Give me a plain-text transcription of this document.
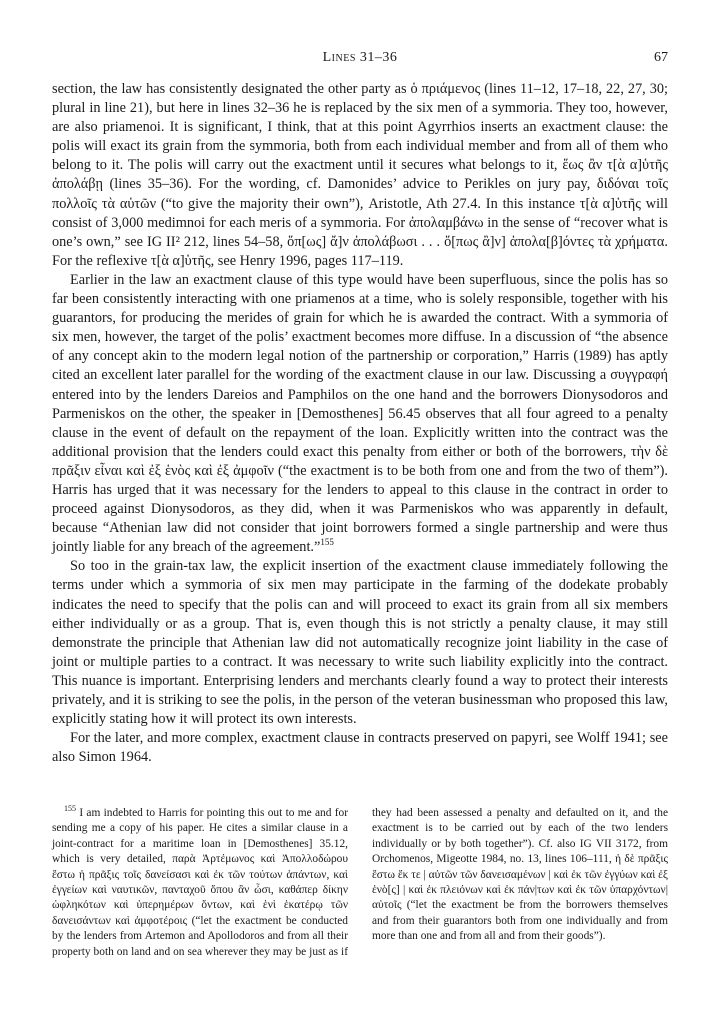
Lines 31–36	67

section, the law has consistently designated the other party as ὁ πριάμενος (lines 11–12, 17–18, 22, 27, 30; plural in line 21), but here in lines 32–36 he is replaced by the six men of a symmoria. They too, however, are also priamenoi. It is significant, I think, that at this point Agyrrhios inserts an exactment clause: the polis will exact its grain from the symmoria, both from each individual member and from all of them who belong to it. The polis will carry out the exactment until it secures what belongs to it, ἕως ἂν τ[ὰ α]ὑτῆς ἀπολάβῃ (lines 35–36). For the wording, cf. Damonides’ advice to Perikles on jury pay, διδόναι τοῖς πολλοῖς τὰ αὑτῶν (“to give the majority their own”), Aristotle, Ath 27.4. In this instance τ[ὰ α]ὑτῆς will consist of 3,000 medimnoi for each meris of a symmoria. For ἀπολαμβάνω in the sense of “recover what is one’s own,” see IG II² 212, lines 54–58, ὅπ[ως] ἄ]ν ἀπολάβωσι . . . ὅ[πως ἂ]ν] ἀπολα[β]όντες τὰ χρήματα. For the reflexive τ[ὰ α]ὑτῆς, see Henry 1996, pages 117–119.

Earlier in the law an exactment clause of this type would have been superfluous, since the polis has so far been consistently interacting with one priamenos at a time, who is solely responsible, together with his guarantors, for producing the merides of grain for which he is awarded the contract. With a symmoria of six men, however, the target of the polis’ exactment becomes more diffuse. In a discussion of “the absence of any concept akin to the modern legal notion of the partnership or corporation,” Harris (1989) has aptly cited an excellent later parallel for the wording of the exactment clause in our law. Discussing a συγγραφή entered into by the lenders Dareios and Pamphilos on the one hand and the borrowers Dionysodoros and Parmeniskos on the other, the speaker in [Demosthenes] 56.45 observes that all four agreed to a penalty clause in the event of default on the repayment of the loan. Explicitly written into the contract was the additional provision that the lenders could exact this penalty from either or both of the borrowers, τὴν δὲ πρᾶξιν εἶναι καὶ ἐξ ἑνὸς καὶ ἐξ ἀμφοῖν (“the exactment is to be both from one and from the two of them”). Harris has urged that it was necessary for the lenders to appeal to this clause in the contract in order to proceed against Dionysodoros, as they did, when it was Parmeniskos who was apparently in default, because “Athenian law did not consider that joint borrowers formed a single partnership and were thus jointly liable for any breach of the agreement.”$^{155}$

So too in the grain-tax law, the explicit insertion of the exactment clause immediately following the terms under which a symmoria of six men may participate in the farming of the dodekate probably indicates the need to specify that the polis can and will proceed to exact its grain from all six members either individually or as a group. That is, even though this is not strictly a penalty clause, it may still demonstrate the principle that Athenian law did not automatically recognize joint liability in the case of joint or multiple parties to a contract. It was necessary to write such liability explicitly into the contract. This nuance is important. Enterprising lenders and merchants clearly found a way to protect their interests privately, and it is striking to see the polis, in the person of the veteran businessman who proposed this law, explicitly stating how it will protect its own interests.

For the later, and more complex, exactment clause in contracts preserved on papyri, see Wolff 1941; see also Simon 1964.

$^{155}$ I am indebted to Harris for pointing this out to me and for sending me a copy of his paper. He cites a similar clause in a joint-contract for a maritime loan in [Demosthenes] 35.12, which is very detailed, παρὰ Ἀρτέμωνος καὶ Ἀπολλοδώρου ἔστω ἡ πρᾶξις τοῖς δανείσασι καὶ ἐκ τῶν τούτων ἁπάντων, καὶ ἐγγείων καὶ ναυτικῶν, πανταχοῦ ὅπου ἂν ὦσι, καθάπερ δίκην ὠφληκότων καὶ ὑπερημέρων ὄντων, καὶ ἑνὶ ἑκατέρῳ τῶν δανεισάντων καὶ ἀμφοτέροις (“let the exactment be conducted by the lenders from Artemon and Apollodoros and from all their property both on land and on sea wherever they may be just as if they had been assessed a penalty and defaulted on it, and the exactment is to be carried out by each of the two lenders individually or by both together”). Cf. also IG VII 3172, from Orchomenos, Migeotte 1984, no. 13, lines 106–111, ἡ δὲ πρᾶξις ἔστω ἔκ τε | αὐτῶν τῶν δανεισαμένων | καὶ ἐκ τῶν ἐγγύων καὶ ἐξ ἑνὸ[ς] | καὶ ἐκ πλειόνων καὶ ἐκ πάν|των καὶ ἐκ τῶν ὑπαρχόντων| αὐτοῖς (“let the exactment be from the borrowers themselves and from their guarantors both from one individually and from more than one and from all and from their goods”).
